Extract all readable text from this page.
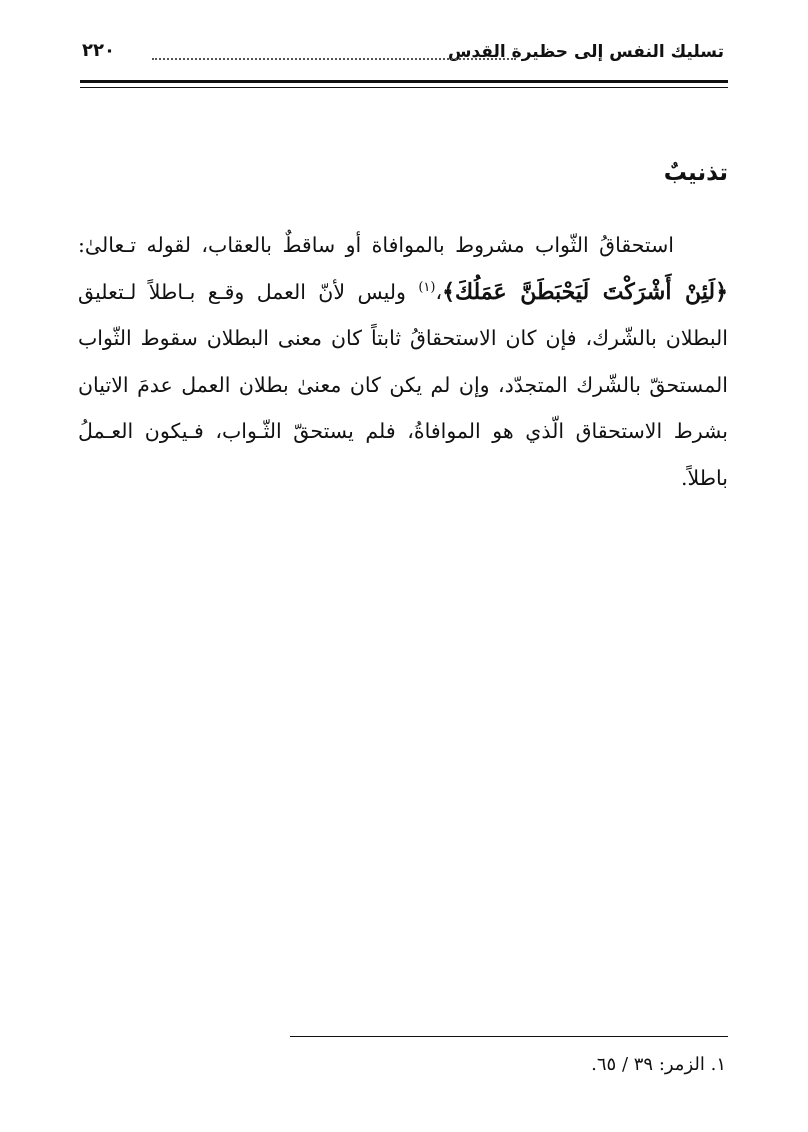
تسليك النفس إلى حظيرة القدس
٢٢٠
تذنيبٌ

استحقاقُ الثّواب مشروط بالموافاة أو ساقطٌ بالعقاب، لقوله تـعالىٰ: ﴿لَئِنْ أَشْرَكْتَ لَيَحْبَطَنَّ عَمَلُكَ﴾،$^{(١)}$ وليس لأنّ العمل وقـع بـاطلاً لـتعليق البطلان بالشّرك، فإن كان الاستحقاقُ ثابتاً كان معنى البطلان سقوط الثّواب المستحقّ بالشّرك المتجدّد، وإن لم يكن كان معنىٰ بطلان العمل عدمَ الاتيان بشرط الاستحقاق الّذي هو الموافاةُ، فلم يستحقّ الثّـواب، فـيكون العـملُ باطلاً.

١. الزمر: ٣٩ / ٦٥.
